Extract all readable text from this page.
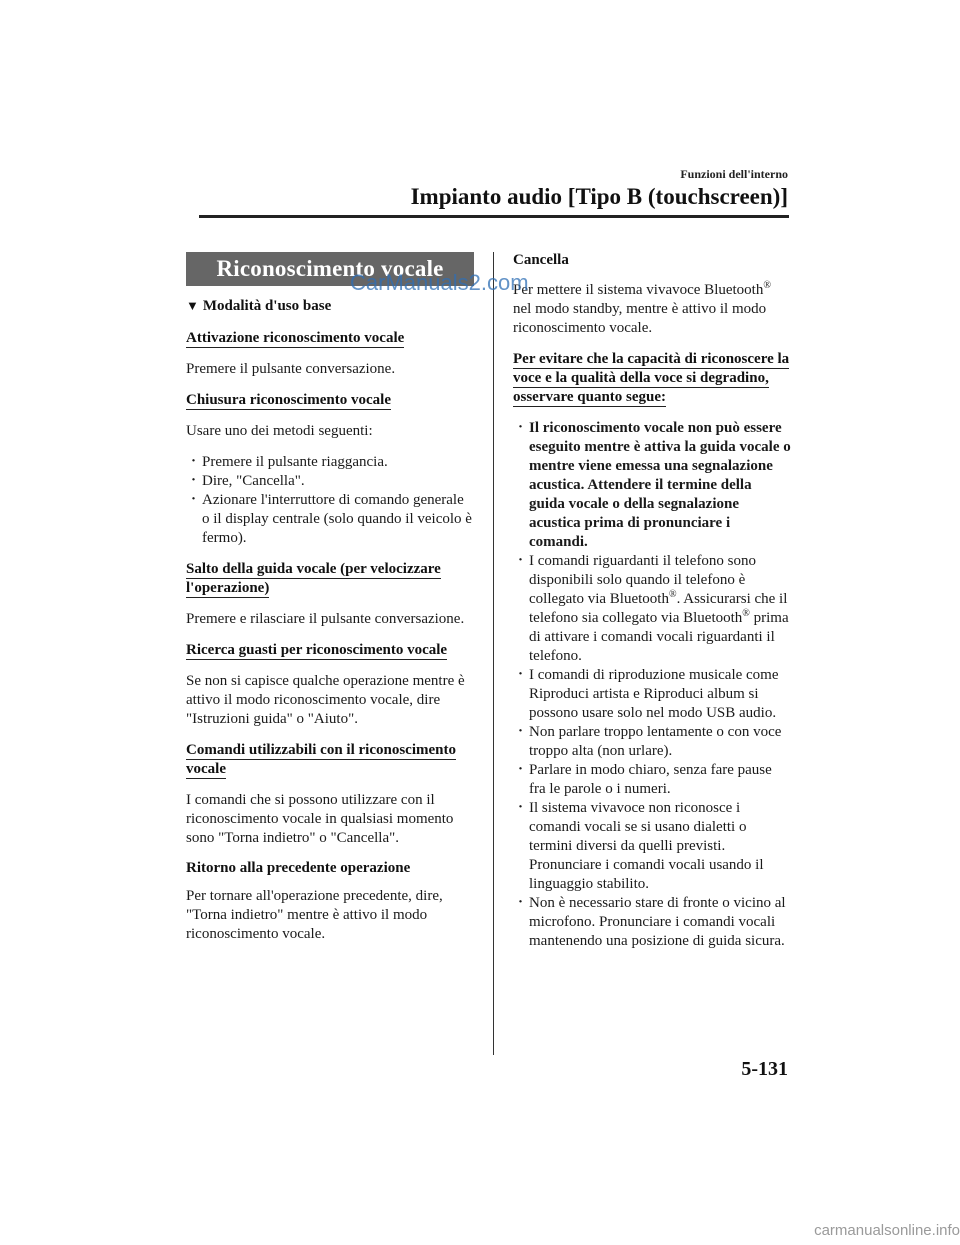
Funzioni dell'interno
Impianto audio [Tipo B (touchscreen)]
Riconoscimento vocale
▼ Modalità d'uso base
Attivazione riconoscimento vocale

Premere il pulsante conversazione.

Chiusura riconoscimento vocale

Usare uno dei metodi seguenti:

· Premere il pulsante riaggancia.
· Dire, "Cancella".
· Azionare l'interruttore di comando generale o il display centrale (solo quando il veicolo è fermo).
Salto della guida vocale (per velocizzare l'operazione)

Premere e rilasciare il pulsante conversazione.

Ricerca guasti per riconoscimento vocale

Se non si capisce qualche operazione mentre è attivo il modo riconoscimento vocale, dire "Istruzioni guida" o "Aiuto".

Comandi utilizzabili con il riconoscimento vocale

I comandi che si possono utilizzare con il riconoscimento vocale in qualsiasi momento sono "Torna indietro" o "Cancella".

Ritorno alla precedente operazione

Per tornare all'operazione precedente, dire, "Torna indietro" mentre è attivo il modo riconoscimento vocale.

Cancella

Per mettere il sistema vivavoce Bluetooth® nel modo standby, mentre è attivo il modo riconoscimento vocale.

Per evitare che la capacità di riconoscere la voce e la qualità della voce si degradino, osservare quanto segue:
· Il riconoscimento vocale non può essere eseguito mentre è attiva la guida vocale o mentre viene emessa una segnalazione acustica. Attendere il termine della guida vocale o della segnalazione acustica prima di pronunciare i comandi.
· I comandi riguardanti il telefono sono disponibili solo quando il telefono è collegato via Bluetooth®. Assicurarsi che il telefono sia collegato via Bluetooth® prima di attivare i comandi vocali riguardanti il telefono.
· I comandi di riproduzione musicale come Riproduci artista e Riproduci album si possono usare solo nel modo USB audio.
· Non parlare troppo lentamente o con voce troppo alta (non urlare).
· Parlare in modo chiaro, senza fare pause fra le parole o i numeri.
· Il sistema vivavoce non riconosce i comandi vocali se si usano dialetti o termini diversi da quelli previsti. Pronunciare i comandi vocali usando il linguaggio stabilito.
· Non è necessario stare di fronte o vicino al microfono. Pronunciare i comandi vocali mantenendo una posizione di guida sicura.
CarManuals2.com
5-131
carmanualsonline.info
